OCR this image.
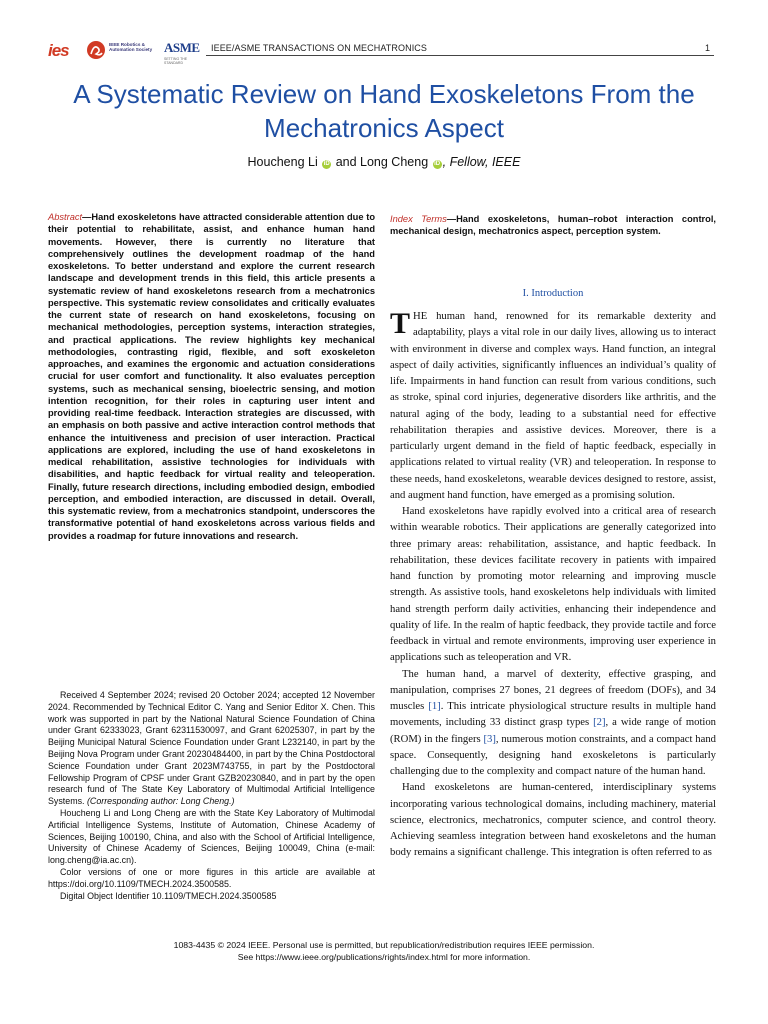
ies	IEEE Robotics & Automation Society ASME
SETTING THE STANDARD
IEEE/ASME TRANSACTIONS ON MECHATRONICS	1
A Systematic Review on Hand Exoskeletons From the Mechatronics Aspect
Houcheng Li iD and Long Cheng iD , Fellow, IEEE
Abstract—Hand exoskeletons have attracted considerable attention due to their potential to rehabilitate, assist, and enhance human hand movements. However, there is currently no literature that comprehensively outlines the development roadmap of the hand exoskeletons. To better understand and explore the current research landscape and development trends in this field, this article presents a systematic review of hand exoskeletons research from a mechatronics perspective. This systematic review consolidates and critically evaluates the current state of research on hand exoskeletons, focusing on mechanical methodologies, perception systems, interaction strategies, and practical applications. The review highlights key mechanical methodologies, contrasting rigid, flexible, and soft exoskeleton approaches, and examines the ergonomic and actuation considerations crucial for user comfort and functionality. It also evaluates perception systems, such as mechanical sensing, bioelectric sensing, and motion intention recognition, for their roles in capturing user intent and providing real-time feedback. Interaction strategies are discussed, with an emphasis on both passive and active interaction control methods that enhance the intuitiveness and precision of user interaction. Practical applications are explored, including the use of hand exoskeletons in medical rehabilitation, assistive technologies for individuals with disabilities, and haptic feedback for virtual reality and teleoperation. Finally, future research directions, including embodied design, embodied perception, and embodied interaction, are discussed in detail. Overall, this systematic review, from a mechatronics standpoint, underscores the transformative potential of hand exoskeletons across various fields and provides a roadmap for future innovations and research.
Index Terms—Hand exoskeletons, human–robot interaction control, mechanical design, mechatronics aspect, perception system.
I. Introduction

THE human hand, renowned for its remarkable dexterity and adaptability, plays a vital role in our daily lives, allowing us to interact with environment in diverse and complex ways. Hand function, an integral aspect of daily activities, significantly influences an individual’s quality of life. Impairments in hand function can result from various conditions, such as stroke, spinal cord injuries, degenerative disorders like arthritis, and the natural aging of the body, leading to a substantial need for effective rehabilitation therapies and assistive devices. Moreover, there is a particularly urgent demand in the field of haptic feedback, especially in applications related to virtual reality (VR) and teleoperation. In response to these needs, hand exoskeletons, wearable devices designed to restore, assist, and augment hand function, have emerged as a promising solution.

Hand exoskeletons have rapidly evolved into a critical area of research within wearable robotics. Their applications are generally categorized into three primary areas: rehabilitation, assistance, and haptic feedback. In rehabilitation, these devices facilitate recovery in patients with impaired hand function by promoting motor relearning and improving muscle strength. As assistive tools, hand exoskeletons help individuals with limited hand strength perform daily activities, enhancing their independence and quality of life. In the realm of haptic feedback, they provide tactile and force feedback in virtual and remote environments, improving user experience in applications such as teleoperation and VR.

The human hand, a marvel of dexterity, effective grasping, and manipulation, comprises 27 bones, 21 degrees of freedom (DOFs), and 34 muscles [1]. This intricate physiological structure results in multiple hand movements, including 33 distinct grasp types [2], a wide range of motion (ROM) in the fingers [3], numerous motion constraints, and a compact hand space. Consequently, designing hand exoskeletons is particularly challenging due to the complexity and compact nature of the human hand.

Hand exoskeletons are human-centered, interdisciplinary systems incorporating various technological domains, including machinery, material science, electronics, mechatronics, computer science, and control theory. Achieving seamless integration between hand exoskeletons and the human body remains a significant challenge. This integration is often referred to as

Received 4 September 2024; revised 20 October 2024; accepted 12 November 2024. Recommended by Technical Editor C. Yang and Senior Editor X. Chen. This work was supported in part by the National Natural Science Foundation of China under Grant 62333023, Grant 62311530097, and Grant 62025307, in part by the Beijing Municipal Natural Science Foundation under Grant L232140, in part by the Beijing Nova Program under Grant 20230484400, in part by the China Postdoctoral Science Foundation under Grant 2023M743755, in part by the Postdoctoral Fellowship Program of CPSF under Grant GZB20230840, and in part by the open research fund of The State Key Laboratory of Multimodal Artificial Intelligence Systems. (Corresponding author: Long Cheng.)

Houcheng Li and Long Cheng are with the State Key Laboratory of Multimodal Artificial Intelligence Systems, Institute of Automation, Chinese Academy of Sciences, Beijing 100190, China, and also with the School of Artificial Intelligence, University of Chinese Academy of Sciences, Beijing 100049, China (e-mail: long.cheng@ia.ac.cn).

Color versions of one or more figures in this article are available at https://doi.org/10.1109/TMECH.2024.3500585.

Digital Object Identifier 10.1109/TMECH.2024.3500585

1083-4435 © 2024 IEEE. Personal use is permitted, but republication/redistribution requires IEEE permission.
See https://www.ieee.org/publications/rights/index.html for more information.
